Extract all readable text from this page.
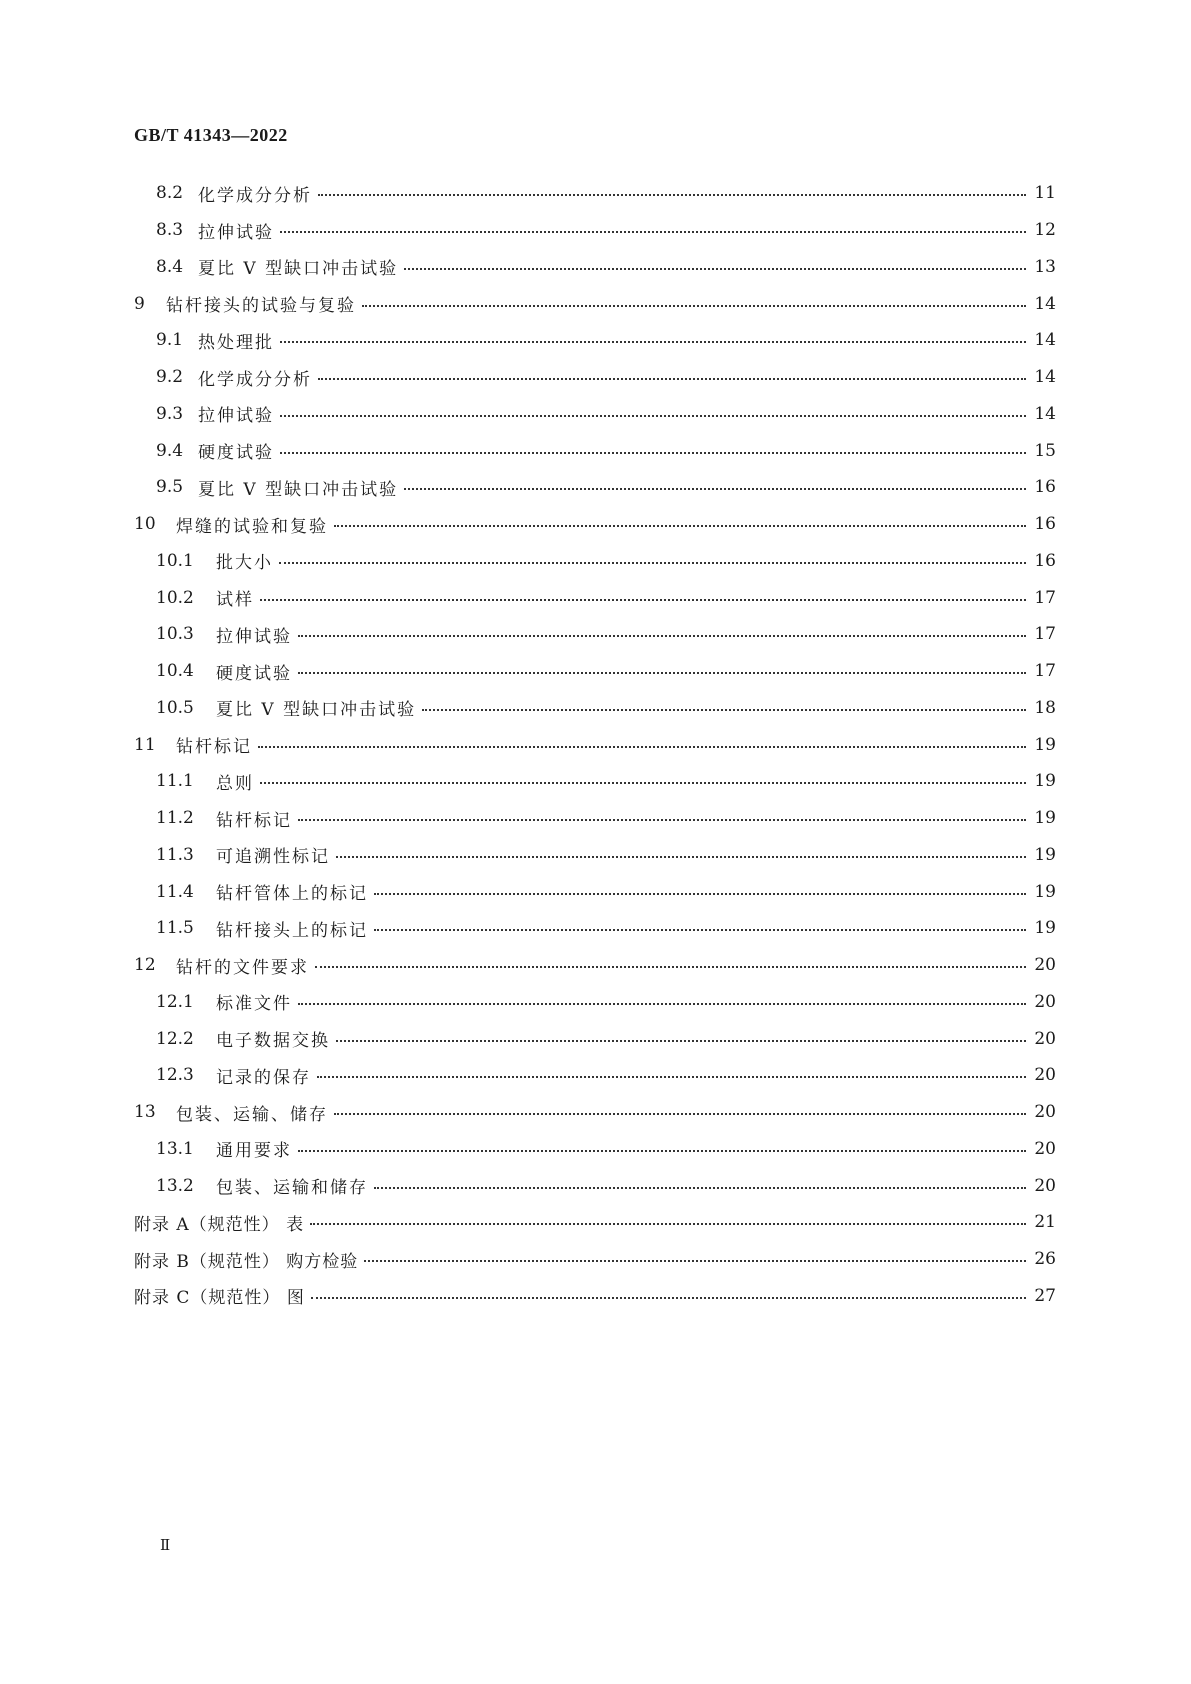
GB/T 41343—2022
8.2 化学成分分析	11
8.3 拉伸试验	12
8.4 夏比 V 型缺口冲击试验	13
9	钻杆接头的试验与复验	14
9.1 热处理批	14
9.2 化学成分分析	14
9.3 拉伸试验	14
9.4 硬度试验	15
9.5 夏比 V 型缺口冲击试验	16
10	焊缝的试验和复验	16
10.1	批大小	16
10.2	试样	17
10.3	拉伸试验	17
10.4	硬度试验	17
10.5	夏比 V 型缺口冲击试验	18
11	钻杆标记	19
11.1	总则	19
11.2	钻杆标记	19
11.3	可追溯性标记	19
11.4	钻杆管体上的标记	19
11.5	钻杆接头上的标记	19
12	钻杆的文件要求	20
12.1	标准文件	20
12.2	电子数据交换	20
12.3	记录的保存	20
13	包装、运输、储存	20
13.1	通用要求	20
13.2	包装、运输和储存	20
附录 A（规范性） 表	21
附录 B（规范性） 购方检验	26
附录 C（规范性） 图	27
Ⅱ
